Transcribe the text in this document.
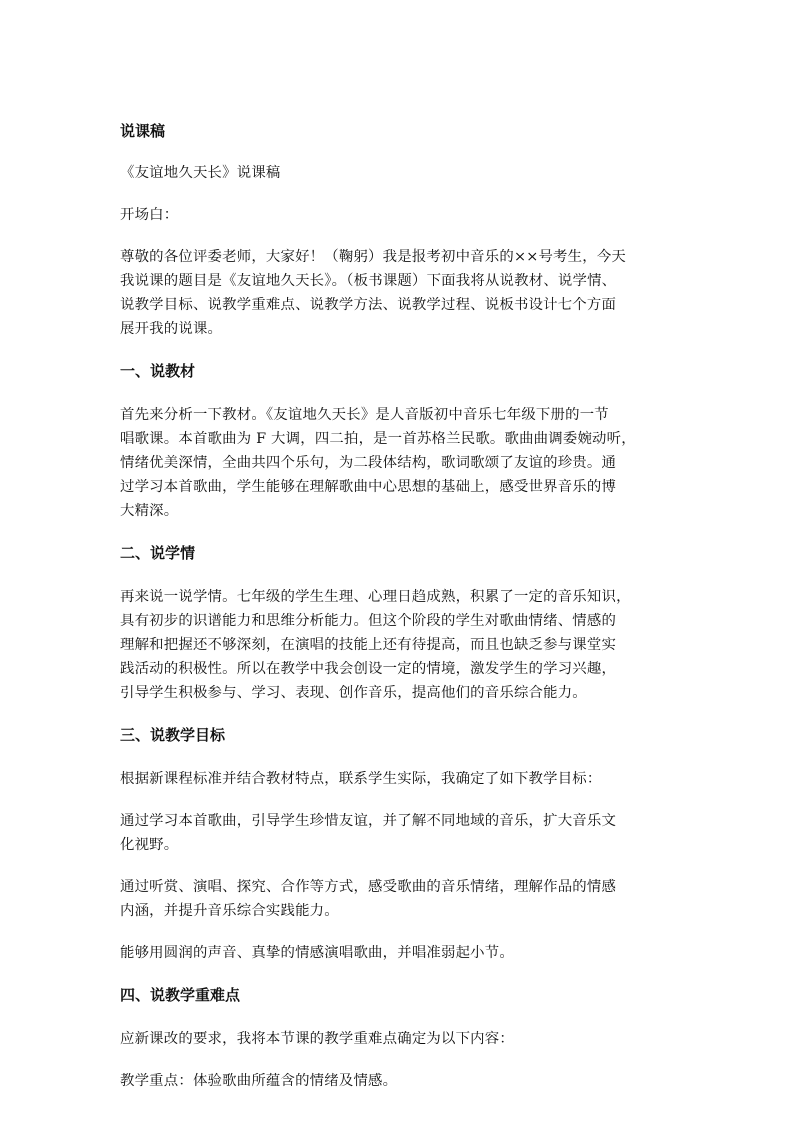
说课稿
《友谊地久天长》说课稿
开场白：
尊敬的各位评委老师，大家好！（鞠躬）我是报考初中音乐的××号考生，今天
我说课的题目是《友谊地久天长》。（板书课题）下面我将从说教材、说学情、
说教学目标、说教学重难点、说教学方法、说教学过程、说板书设计七个方面
展开我的说课。
一、说教材
首先来分析一下教材。《友谊地久天长》是人音版初中音乐七年级下册的一节
唱歌课。本首歌曲为 F 大调，四二拍，是一首苏格兰民歌。歌曲曲调委婉动听，
情绪优美深情，全曲共四个乐句，为二段体结构，歌词歌颂了友谊的珍贵。通
过学习本首歌曲，学生能够在理解歌曲中心思想的基础上，感受世界音乐的博
大精深。
二、说学情
再来说一说学情。七年级的学生生理、心理日趋成熟，积累了一定的音乐知识，
具有初步的识谱能力和思维分析能力。但这个阶段的学生对歌曲情绪、情感的
理解和把握还不够深刻，在演唱的技能上还有待提高，而且也缺乏参与课堂实
践活动的积极性。所以在教学中我会创设一定的情境，激发学生的学习兴趣，
引导学生积极参与、学习、表现、创作音乐，提高他们的音乐综合能力。
三、说教学目标
根据新课程标准并结合教材特点，联系学生实际，我确定了如下教学目标：
通过学习本首歌曲，引导学生珍惜友谊，并了解不同地域的音乐，扩大音乐文
化视野。
通过听赏、演唱、探究、合作等方式，感受歌曲的音乐情绪，理解作品的情感
内涵，并提升音乐综合实践能力。
能够用圆润的声音、真挚的情感演唱歌曲，并唱准弱起小节。
四、说教学重难点
应新课改的要求，我将本节课的教学重难点确定为以下内容：
教学重点：体验歌曲所蕴含的情绪及情感。
